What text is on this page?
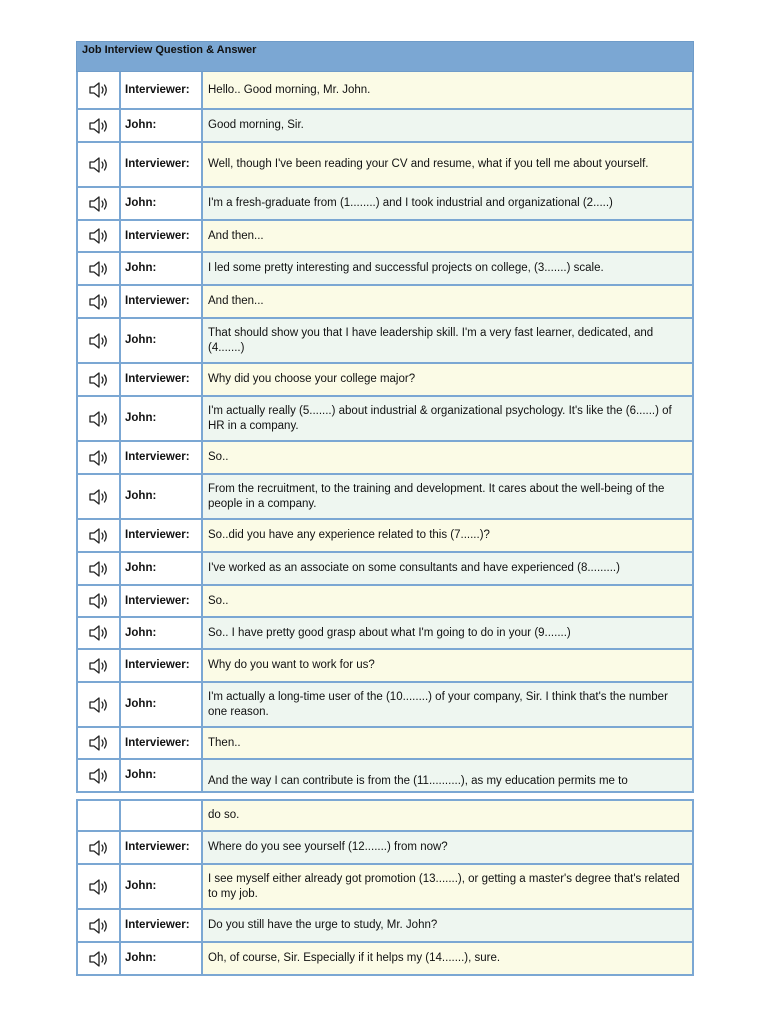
Job Interview Question & Answer
	Interviewer:	Hello.. Good morning, Mr. John.
	John:	Good morning, Sir.
	Interviewer:	Well, though I've been reading your CV and resume, what if you tell me about yourself.
	John:	I'm a fresh-graduate from (1........) and I took industrial and organizational (2.....)
	Interviewer:	And then...
	John:	I led some pretty interesting and successful projects on college, (3.......) scale.
	Interviewer:	And then...
	John:	That should show you that I have leadership skill. I'm a very fast learner, dedicated, and (4.......)
	Interviewer:	Why did you choose your college major?
	John:	I'm actually really (5.......) about industrial & organizational psychology. It's like the (6......) of HR in a company.
	Interviewer:	So..
	John:	From the recruitment, to the training and development. It cares about the well-being of the people in a company.
	Interviewer:	So..did you have any experience related to this (7......)?
	John:	I've worked as an associate on some consultants and have experienced (8.........)
	Interviewer:	So..
	John:	So.. I have pretty good grasp about what I'm going to do in your (9.......)
	Interviewer:	Why do you want to work for us?
	John:	I'm actually a long-time user of the (10........) of your company, Sir. I think that's the number one reason.
	Interviewer:	Then..
	John:	And the way I can contribute is from the (11..........), as my education permits me to
		do so.
	Interviewer:	Where do you see yourself (12.......) from now?
	John:	I see myself either already got promotion (13.......), or getting a master's degree that's related to my job.
	Interviewer:	Do you still have the urge to study, Mr. John?
	John:	Oh, of course, Sir. Especially if it helps my (14.......), sure.
